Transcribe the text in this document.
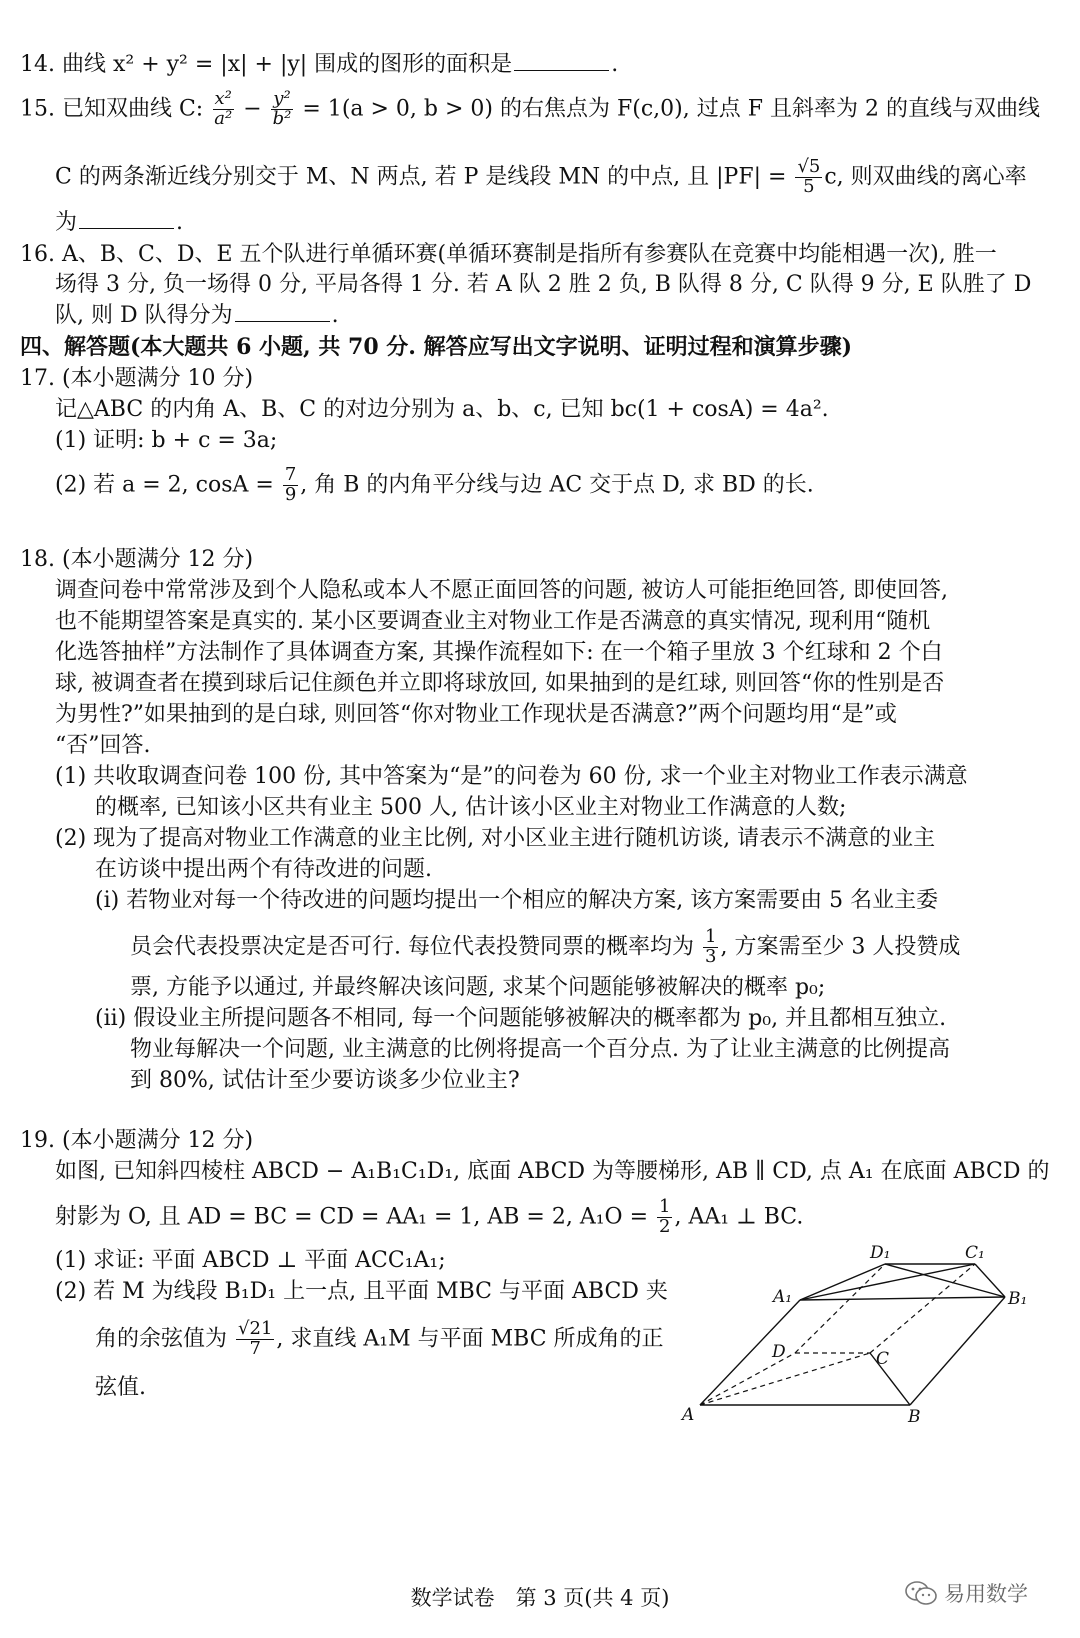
14. 曲线 x² + y² = |x| + |y| 围成的图形的面积是	.
15. 已知双曲线 C: $\frac{\text{x²}}{\text{a²}} - \frac{\text{y²}}{\text{b²}} = 1(a > 0$, b > 0) 的右焦点为 F(c,0), 过点 F 且斜率为 2 的直线与双曲线
C 的两条渐近线分别交于 M、N 两点, 若 P 是线段 MN 的中点, 且 $|PF| = \frac{√5}{5} c$, 则双曲线的离心率
为	.
16. A、B、C、D、E 五个队进行单循环赛(单循环赛制是指所有参赛队在竞赛中均能相遇一次), 胜一
场得 3 分, 负一场得 0 分, 平局各得 1 分. 若 A 队 2 胜 2 负, B 队得 8 分, C 队得 9 分, E 队胜了 D
队, 则 D 队得分为	.
四、解答题(本大题共 6 小题, 共 70 分. 解答应写出文字说明、证明过程和演算步骤)
17. (本小题满分 10 分)
记△ABC 的内角 A、B、C 的对边分别为 a、b、c, 已知 bc(1 + cosA) = 4a².
(1) 证明: b + c = 3a;
(2) 若 a = 2, $\cos A = \frac{7}{9}$ , 角 B 的内角平分线与边 AC 交于点 D, 求 BD 的长.
18. (本小题满分 12 分)
调查问卷中常常涉及到个人隐私或本人不愿正面回答的问题, 被访人可能拒绝回答, 即使回答,
也不能期望答案是真实的. 某小区要调查业主对物业工作是否满意的真实情况, 现利用“随机
化选答抽样”方法制作了具体调查方案, 其操作流程如下: 在一个箱子里放 3 个红球和 2 个白
球, 被调查者在摸到球后记住颜色并立即将球放回, 如果抽到的是红球, 则回答“你的性别是否
为男性?”如果抽到的是白球, 则回答“你对物业工作现状是否满意?”两个问题均用“是”或
“否”回答.
(1) 共收取调查问卷 100 份, 其中答案为“是”的问卷为 60 份, 求一个业主对物业工作表示满意
的概率, 已知该小区共有业主 500 人, 估计该小区业主对物业工作满意的人数;
(2) 现为了提高对物业工作满意的业主比例, 对小区业主进行随机访谈, 请表示不满意的业主
在访谈中提出两个有待改进的问题.
(i) 若物业对每一个待改进的问题均提出一个相应的解决方案, 该方案需要由 5 名业主委
员会代表投票决定是否可行. 每位代表投赞同票的概率均为 $\frac{1}{3}$ , 方案需至少 3 人投赞成
票, 方能予以通过, 并最终解决该问题, 求某个问题能够被解决的概率 p₀;
(ii) 假设业主所提问题各不相同, 每一个问题能够被解决的概率都为 p₀, 并且都相互独立.
物业每解决一个问题, 业主满意的比例将提高一个百分点. 为了让业主满意的比例提高
到 80%, 试估计至少要访谈多少位业主?
19. (本小题满分 12 分)
如图, 已知斜四棱柱 ABCD − A₁B₁C₁D₁, 底面 ABCD 为等腰梯形, AB ∥ CD, 点 A₁ 在底面 ABCD 的
射影为 O, 且 AD = BC = CD = AA₁ = 1, AB = 2, $A_1O = \frac{1}{2}$ , AA₁ ⊥ BC.
(1) 求证: 平面 ABCD ⊥ 平面 ACC₁A₁;
(2) 若 M 为线段 B₁D₁ 上一点, 且平面 MBC 与平面 ABCD 夹
角的余弦值为 $\frac{√21}{7}$ , 求直线 A₁M 与平面 MBC 所成角的正
弦值.
A	B
C
D
A₁	B₁
C₁
D₁
数学试卷　第 3 页(共 4 页)	易用数学
